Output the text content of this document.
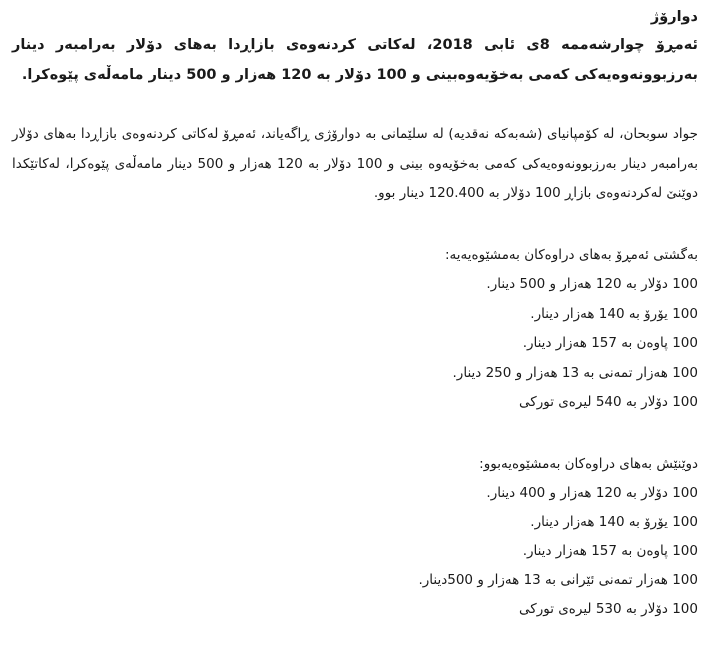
دوارۆژ

ئەمڕۆ چوارشەممە 8ی ئابی 2018، لەکاتی کردنەوەی بازاڕدا بەهای دۆلار بەرامبەر دینار بەرزبوونەوەیەکی کەمی بەخۆیەوەبینی و 100 دۆلار بە 120 هەزار و 500 دینار مامەڵەی پێوەکرا.

جواد سوبحان، لە کۆمپانیای (شەبەکە نەقدیە) لە سلێمانی بە دوارۆژی ڕاگەیاند، ئەمڕۆ لەکاتی کردنەوەی بازاڕدا بەهای دۆلار بەرامبەر دینار بەرزبوونەوەیەکی کەمی بەخۆیەوە بینی و 100 دۆلار بە 120 هەزار و 500 دینار مامەڵەی پێوەکرا، لەکاتێکدا دوێنێ لەکردنەوەی بازاڕ 100 دۆلار بە 120.400 دینار بوو.

بەگشتی ئەمڕۆ بەهای دراوەکان بەمشێوەیەیە:

100 دۆلار بە 120 هەزار و 500 دینار.
100 یۆرۆ بە 140 هەزار دینار.
100 پاوەن بە 157 هەزار دینار.
100 هەزار تمەنی بە 13 هەزار و 250 دینار.
100 دۆلار بە 540 لیرەی تورکی

دوێنێش بەهای دراوەکان بەمشێوەیەبوو:

100 دۆلار بە 120 هەزار و 400 دینار.
100 یۆرۆ بە 140 هەزار دینار.
100 پاوەن بە 157 هەزار دینار.
100 هەزار تمەنی ئێرانی بە 13 هەزار و 500دینار.
100 دۆلار بە 530 لیرەی تورکی
